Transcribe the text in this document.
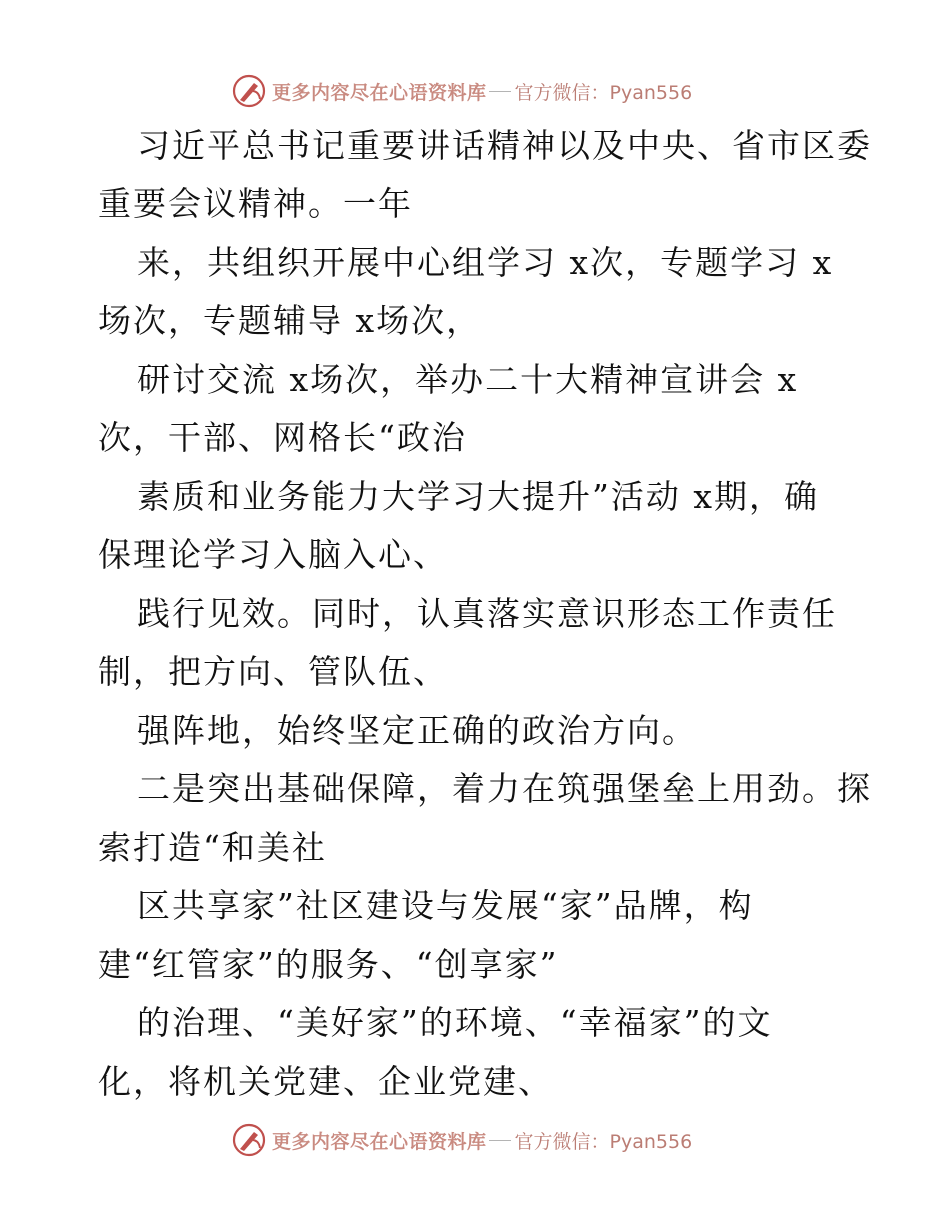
更多内容尽在心语资料库 官方微信：Pyan556
习近平总书记重要讲话精神以及中央、省市区委
重要会议精神。一年
来，共组织开展中心组学习 x次，专题学习 x
场次，专题辅导 x场次，
研讨交流 x场次，举办二十大精神宣讲会 x
次，干部、网格长“政治
素质和业务能力大学习大提升”活动 x期，确
保理论学习入脑入心、
践行见效。同时，认真落实意识形态工作责任
制，把方向、管队伍、
强阵地，始终坚定正确的政治方向。
二是突出基础保障，着力在筑强堡垒上用劲。探
索打造“和美社
区共享家”社区建设与发展“家”品牌，构
建“红管家”的服务、“创享家”
的治理、“美好家”的环境、“幸福家”的文
化，将机关党建、企业党建、
更多内容尽在心语资料库 官方微信：Pyan556
